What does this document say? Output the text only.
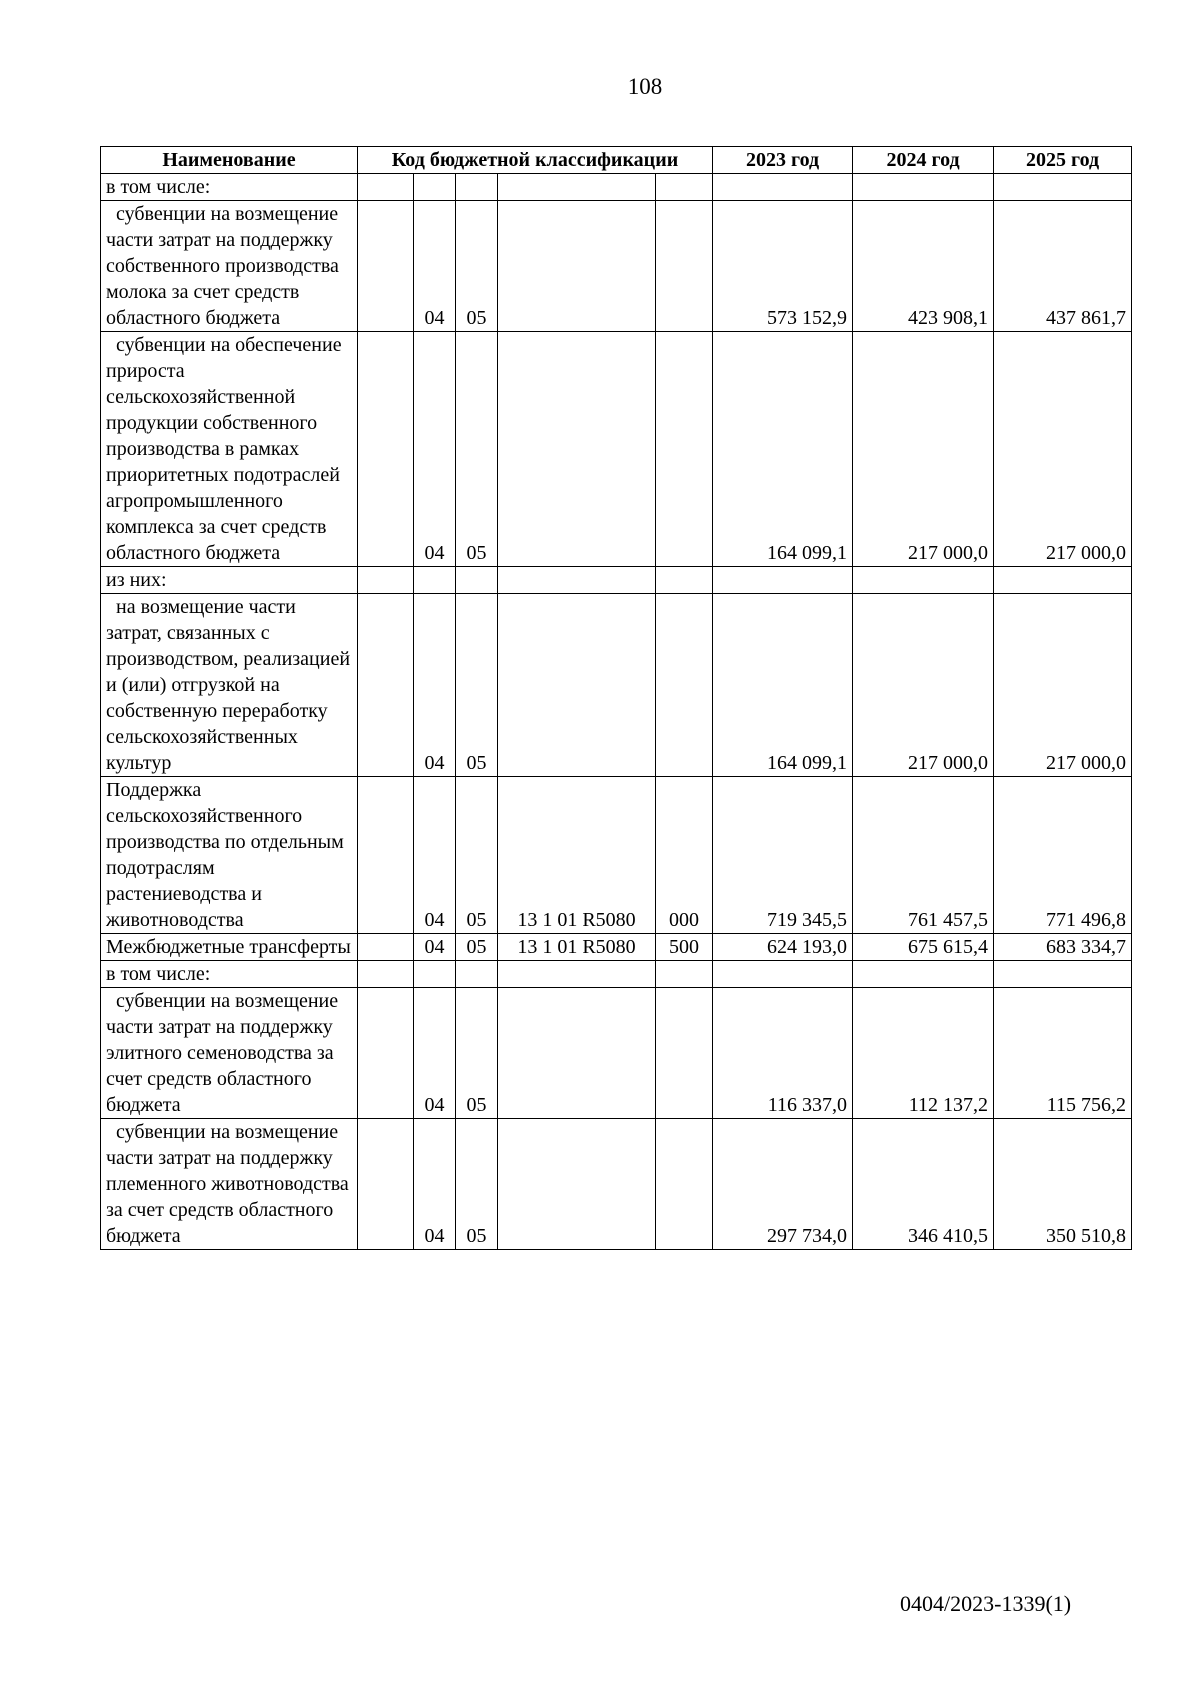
108
Наименование	Код бюджетной классификации					2023 год	2024 год	2025 год

в том числе:								

субвенции на возмещение части затрат на поддержку собственного производства молока за счет средств областного бюджета		04	05			573 152,9	423 908,1	437 861,7

субвенции на обеспечение прироста сельскохозяйственной продукции собственного производства в рамках приоритетных подотраслей агропромышленного комплекса за счет средств областного бюджета		04	05			164 099,1	217 000,0	217 000,0

из них:								

на возмещение части затрат, связанных с производством, реализацией и (или) отгрузкой на собственную переработку сельскохозяйственных культур		04	05			164 099,1	217 000,0	217 000,0

Поддержка сельскохозяйственного производства по отдельным подотраслям растениеводства и животноводства		04	05	13 1 01 R5080	000	719 345,5	761 457,5	771 496,8

Межбюджетные трансферты		04	05	13 1 01 R5080	500	624 193,0	675 615,4	683 334,7

в том числе:								

субвенции на возмещение части затрат на поддержку элитного семеноводства за счет средств областного бюджета		04	05			116 337,0	112 137,2	115 756,2

субвенции на возмещение части затрат на поддержку племенного животноводства за счет средств областного бюджета		04	05			297 734,0	346 410,5	350 510,8
0404/2023-1339(1)
